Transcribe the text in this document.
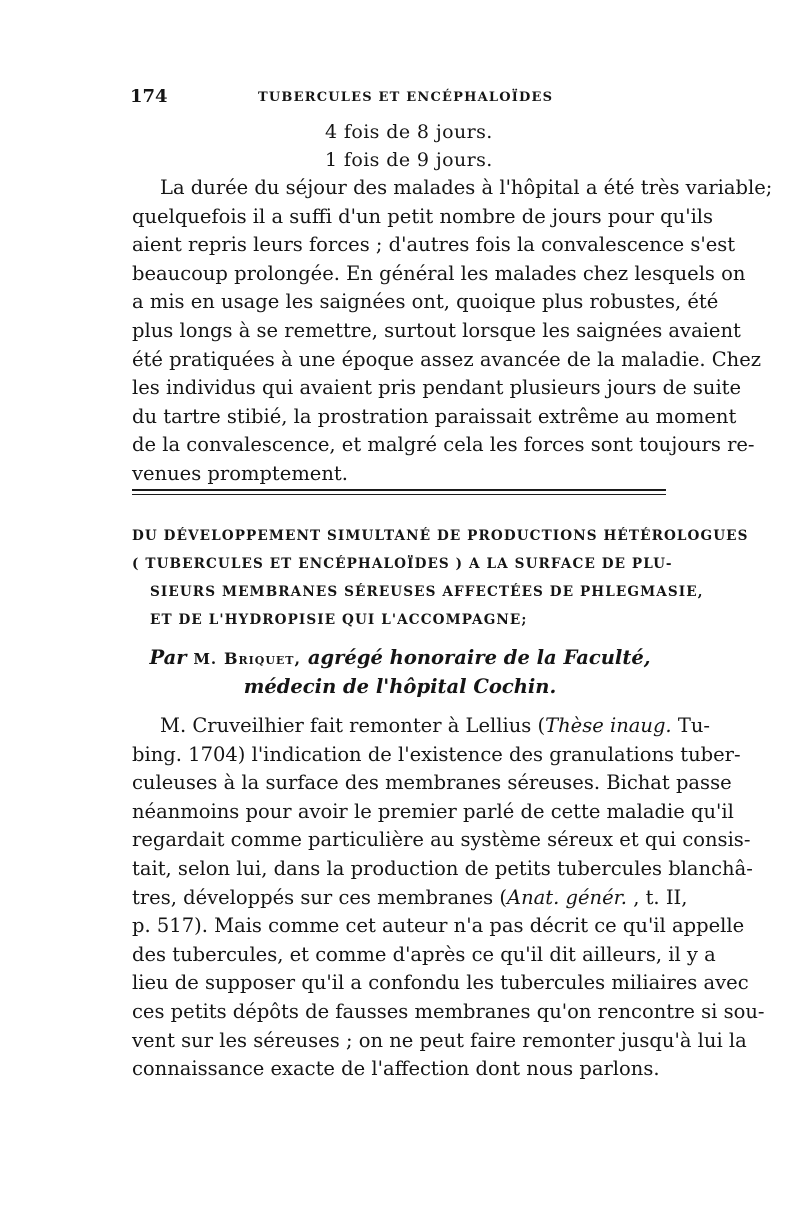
174	TUBERCULES ET ENCÉPHALOÏDES
4 fois de 8 jours.
1 fois de 9 jours.

La durée du séjour des malades à l'hôpital a été très variable;
quelquefois il a suffi d'un petit nombre de jours pour qu'ils
aient repris leurs forces ; d'autres fois la convalescence s'est
beaucoup prolongée. En général les malades chez lesquels on
a mis en usage les saignées ont, quoique plus robustes, été
plus longs à se remettre, surtout lorsque les saignées avaient
été pratiquées à une époque assez avancée de la maladie. Chez
les individus qui avaient pris pendant plusieurs jours de suite
du tartre stibié, la prostration paraissait extrême au moment
de la convalescence, et malgré cela les forces sont toujours re-
venues promptement.

DU DÉVELOPPEMENT SIMULTANÉ DE PRODUCTIONS HÉTÉROLOGUES
( TUBERCULES ET ENCÉPHALOÏDES ) A LA SURFACE DE PLU-
SIEURS MEMBRANES SÉREUSES AFFECTÉES DE PHLEGMASIE,
ET DE L'HYDROPISIE QUI L'ACCOMPAGNE;

Par M. Briquet, agrégé honoraire de la Faculté,

médecin de l'hôpital Cochin.

M. Cruveilhier fait remonter à Lellius (Thèse inaug. Tu-
bing. 1704) l'indication de l'existence des granulations tuber-
culeuses à la surface des membranes séreuses. Bichat passe
néanmoins pour avoir le premier parlé de cette maladie qu'il
regardait comme particulière au système séreux et qui consis-
tait, selon lui, dans la production de petits tubercules blanchâ-
tres, développés sur ces membranes (Anat. génér. , t. II,
p. 517). Mais comme cet auteur n'a pas décrit ce qu'il appelle
des tubercules, et comme d'après ce qu'il dit ailleurs, il y a
lieu de supposer qu'il a confondu les tubercules miliaires avec
ces petits dépôts de fausses membranes qu'on rencontre si sou-
vent sur les séreuses ; on ne peut faire remonter jusqu'à lui la
connaissance exacte de l'affection dont nous parlons.
